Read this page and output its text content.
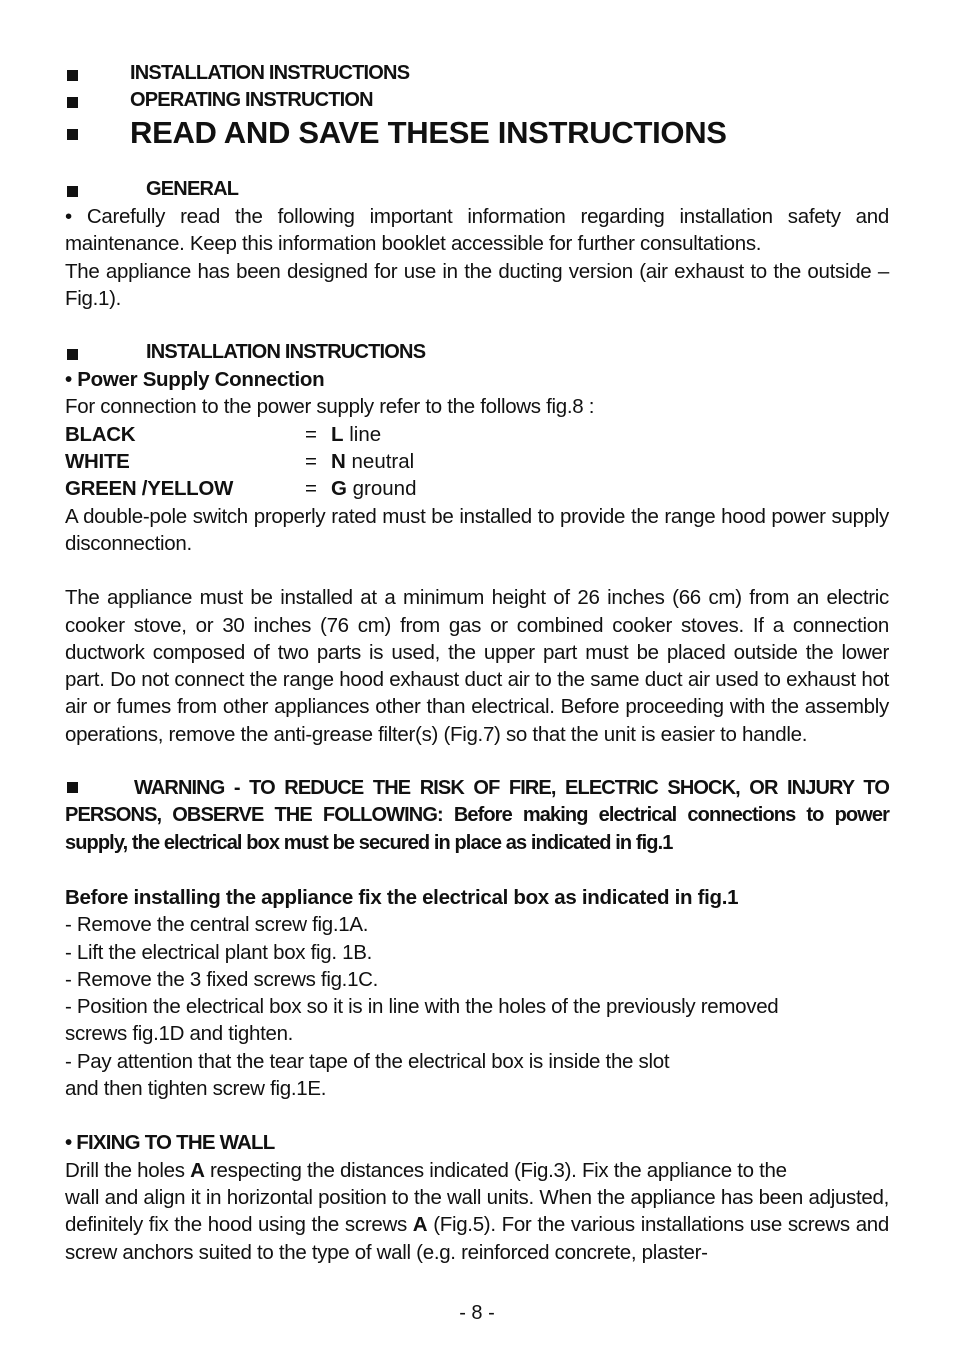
INSTALLATION INSTRUCTIONS
OPERATING INSTRUCTION
READ AND SAVE THESE INSTRUCTIONS
GENERAL

• Carefully read the following important information regarding installation safety and maintenance. Keep this information booklet accessible for further consultations.

The appliance has been designed for use in the ducting version (air exhaust to the outside – Fig.1).

INSTALLATION INSTRUCTIONS

• Power Supply Connection

For connection to the power supply refer to the follows fig.8 :

BLACK	= L line
WHITE	= N neutral
GREEN /YELLOW	= G ground

A double-pole switch properly rated must be installed to provide the range hood power supply disconnection.

The appliance must be installed at a minimum height of 26 inches (66 cm) from an electric cooker stove, or 30 inches (76 cm) from gas or combined cooker stoves. If a connection ductwork composed of two parts is used, the upper part must be placed outside the lower part. Do not connect the range hood exhaust duct air to the same duct air used to exhaust hot air or fumes from other appliances other than electrical. Before proceeding with the assembly operations, remove the anti-grease filter(s) (Fig.7) so that the unit is easier to handle.

WARNING - TO REDUCE THE RISK OF FIRE, ELECTRIC SHOCK, OR INJURY TO PERSONS, OBSERVE THE FOLLOWING: Before making electrical connections to power supply, the electrical box must be secured in place as indicated in fig.1

Before installing the appliance fix the electrical box as indicated in fig.1

- Remove the central screw fig.1A.

- Lift the electrical plant box fig. 1B.

- Remove the 3 fixed screws fig.1C.

- Position the electrical box so it is in line with the holes of the previously removed

screws fig.1D and tighten.

- Pay attention that the tear tape of the electrical box is inside the slot

and then tighten screw fig.1E.

• FIXING TO THE WALL

Drill the holes A respecting the distances indicated (Fig.3). Fix the appliance to the

wall and align it in horizontal position to the wall units. When the appliance has been adjusted, definitely fix the hood using the screws A (Fig.5). For the various installations use screws and screw anchors suited to the type of wall (e.g. reinforced concrete, plaster-

- 8 -
